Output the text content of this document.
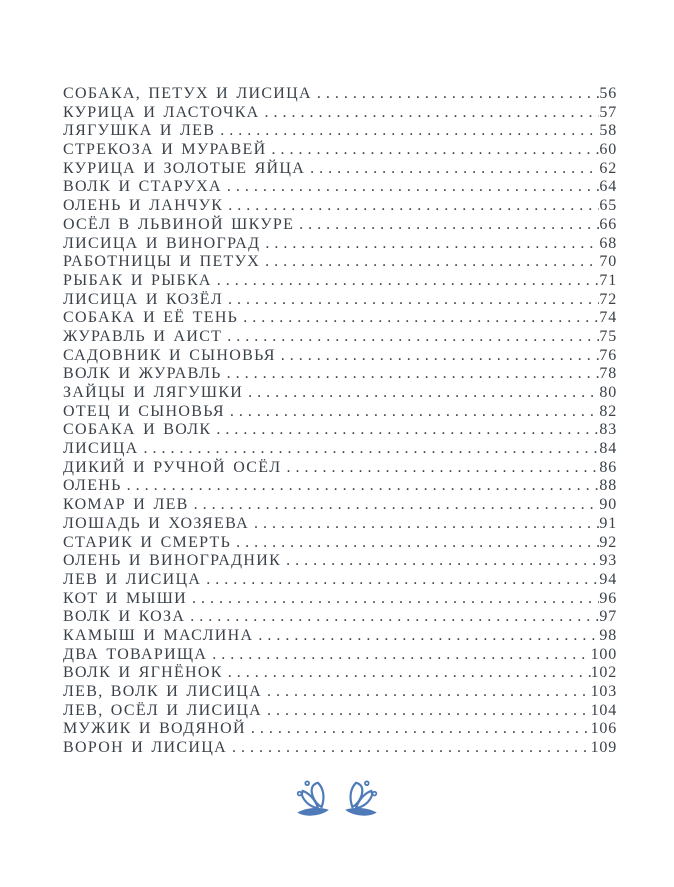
СОБАКА, ПЕТУХ И ЛИСИЦА .....	56
КУРИЦА И ЛАСТОЧКА .....	57
ЛЯГУШКА И ЛЕВ .....	58
СТРЕКОЗА И МУРАВЕЙ .....	60
КУРИЦА И ЗОЛОТЫЕ ЯЙЦА .....	62
ВОЛК И СТАРУХА .....	64
ОЛЕНЬ И ЛАНЧУК .....	65
ОСЁЛ В ЛЬВИНОЙ ШКУРЕ .....	66
ЛИСИЦА И ВИНОГРАД .....	68
РАБОТНИЦЫ И ПЕТУХ .....	70
РЫБАК И РЫБКА .....	71
ЛИСИЦА И КОЗЁЛ .....	72
СОБАКА И ЕЁ ТЕНЬ .....	74
ЖУРАВЛЬ И АИСТ .....	75
САДОВНИК И СЫНОВЬЯ .....	76
ВОЛК И ЖУРАВЛЬ .....	78
ЗАЙЦЫ И ЛЯГУШКИ .....	80
ОТЕЦ И СЫНОВЬЯ .....	82
СОБАКА И ВОЛК .....	83
ЛИСИЦА .....	84
ДИКИЙ И РУЧНОЙ ОСЁЛ .....	86
ОЛЕНЬ .....	88
КОМАР И ЛЕВ .....	90
ЛОШАДЬ И ХОЗЯЕВА .....	91
СТАРИК И СМЕРТЬ .....	92
ОЛЕНЬ И ВИНОГРАДНИК .....	93
ЛЕВ И ЛИСИЦА .....	94
КОТ И МЫШИ .....	96
ВОЛК И КОЗА .....	97
КАМЫШ И МАСЛИНА .....	98
ДВА ТОВАРИЩА .....	100
ВОЛК И ЯГНЁНОК .....	102
ЛЕВ, ВОЛК И ЛИСИЦА .....	103
ЛЕВ, ОСЁЛ И ЛИСИЦА .....	104
МУЖИК И ВОДЯНОЙ .....	106
ВОРОН И ЛИСИЦА .....	109
